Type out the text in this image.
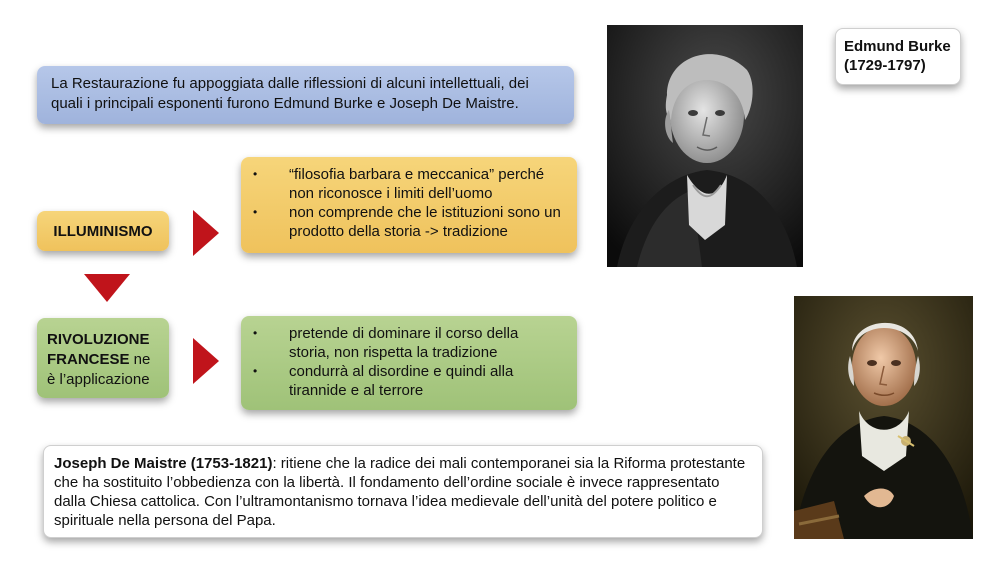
La Restaurazione fu appoggiata dalle riflessioni di alcuni intellettuali, dei quali i principali esponenti furono Edmund Burke e Joseph De Maistre.
ILLUMINISMO
• “filosofia barbara e meccanica” perché non riconosce i limiti dell’uomo
• non comprende che le istituzioni sono un prodotto della storia -> tradizione
RIVOLUZIONE FRANCESE ne è l’applicazione
• pretende di dominare il corso della storia, non rispetta la tradizione
• condurrà al disordine e quindi alla tirannide e al terrore
Joseph De Maistre (1753-1821): ritiene che la radice dei mali contemporanei sia la Riforma protestante che ha sostituito l’obbedienza con la libertà. Il fondamento dell’ordine sociale è invece rappresentato dalla Chiesa cattolica. Con l’ultramontanismo tornava l’idea medievale dell’unità del potere politico e spirituale nella persona del Papa.
Edmund Burke
(1729-1797)
